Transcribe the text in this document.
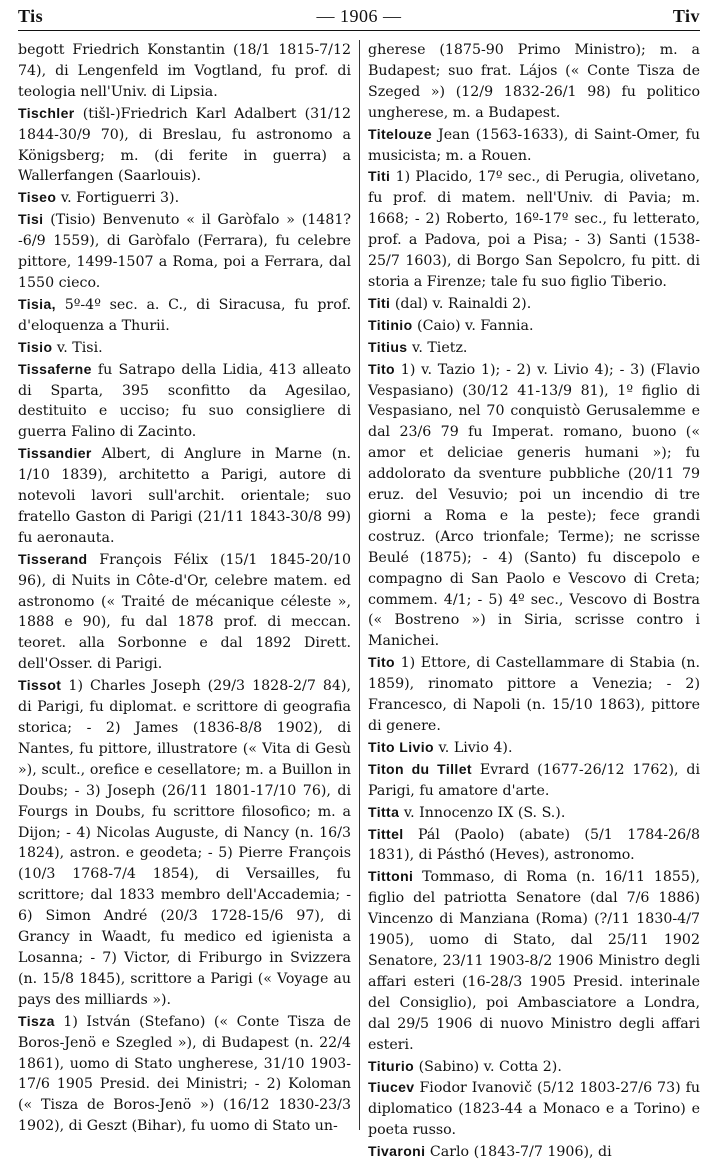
— 1906 —
Tis	Tiv

begott Friedrich Konstantin (18/1 1815-7/12 74), di Lengenfeld im Vogtland, fu prof. di teologia nell'Univ. di Lipsia.

Tischler (tišl-)Friedrich Karl Adalbert (31/12 1844-30/9 70), di Breslau, fu astronomo a Königsberg; m. (di ferite in guerra) a Wallerfangen (Saarlouis).

Tiseo v. Fortiguerri 3).

Tisi (Tisio) Benvenuto « il Garòfalo » (1481?-6/9 1559), di Garòfalo (Ferrara), fu celebre pittore, 1499-1507 a Roma, poi a Ferrara, dal 1550 cieco.

Tisia, 5º-4º sec. a. C., di Siracusa, fu prof. d'eloquenza a Thurii.

Tisio v. Tisi.

Tissaferne fu Satrapo della Lidia, 413 alleato di Sparta, 395 sconfitto da Agesilao, destituito e ucciso; fu suo consigliere di guerra Falino di Zacinto.

Tissandier Albert, di Anglure in Marne (n. 1/10 1839), architetto a Parigi, autore di notevoli lavori sull'archit. orientale; suo fratello Gaston di Parigi (21/11 1843-30/8 99) fu aeronauta.

Tisserand François Félix (15/1 1845-20/10 96), di Nuits in Côte-d'Or, celebre matem. ed astronomo (« Traité de mécanique céleste », 1888 e 90), fu dal 1878 prof. di meccan. teoret. alla Sorbonne e dal 1892 Dirett. dell'Osser. di Parigi.

Tissot 1) Charles Joseph (29/3 1828-2/7 84), di Parigi, fu diplomat. e scrittore di geografia storica; - 2) James (1836-8/8 1902), di Nantes, fu pittore, illustratore (« Vita di Gesù »), scult., orefice e cesellatore; m. a Buillon in Doubs; - 3) Joseph (26/11 1801-17/10 76), di Fourgs in Doubs, fu scrittore filosofico; m. a Dijon; - 4) Nicolas Auguste, di Nancy (n. 16/3 1824), astron. e geodeta; - 5) Pierre François (10/3 1768-7/4 1854), di Versailles, fu scrittore; dal 1833 membro dell'Accademia; - 6) Simon André (20/3 1728-15/6 97), di Grancy in Waadt, fu medico ed igienista a Losanna; - 7) Victor, di Friburgo in Svizzera (n. 15/8 1845), scrittore a Parigi (« Voyage au pays des milliards »).

Tisza 1) István (Stefano) (« Conte Tisza de Boros-Jenö e Szegled »), di Budapest (n. 22/4 1861), uomo di Stato ungherese, 31/10 1903-17/6 1905 Presid. dei Ministri; - 2) Koloman (« Tisza de Boros-Jenö ») (16/12 1830-23/3 1902), di Geszt (Bihar), fu uomo di Stato un-

gherese (1875-90 Primo Ministro); m. a Budapest; suo frat. Lájos (« Conte Tisza de Szeged ») (12/9 1832-26/1 98) fu politico ungherese, m. a Budapest.

Titelouze Jean (1563-1633), di Saint-Omer, fu musicista; m. a Rouen.

Titi 1) Placido, 17º sec., di Perugia, olivetano, fu prof. di matem. nell'Univ. di Pavia; m. 1668; - 2) Roberto, 16º-17º sec., fu letterato, prof. a Padova, poi a Pisa; - 3) Santi (1538-25/7 1603), di Borgo San Sepolcro, fu pitt. di storia a Firenze; tale fu suo figlio Tiberio.

Titi (dal) v. Rainaldi 2).

Titinio (Caio) v. Fannia.

Titius v. Tietz.

Tito 1) v. Tazio 1); - 2) v. Livio 4); - 3) (Flavio Vespasiano) (30/12 41-13/9 81), 1º figlio di Vespasiano, nel 70 conquistò Gerusalemme e dal 23/6 79 fu Imperat. romano, buono (« amor et deliciae generis humani »); fu addolorato da sventure pubbliche (20/11 79 eruz. del Vesuvio; poi un incendio di tre giorni a Roma e la peste); fece grandi costruz. (Arco trionfale; Terme); ne scrisse Beulé (1875); - 4) (Santo) fu discepolo e compagno di San Paolo e Vescovo di Creta; commem. 4/1; - 5) 4º sec., Vescovo di Bostra (« Bostreno ») in Siria, scrisse contro i Manichei.

Tito 1) Ettore, di Castellammare di Stabia (n. 1859), rinomato pittore a Venezia; - 2) Francesco, di Napoli (n. 15/10 1863), pittore di genere.

Tito Livio v. Livio 4).

Titon du Tillet Evrard (1677-26/12 1762), di Parigi, fu amatore d'arte.

Titta v. Innocenzo IX (S. S.).

Tittel Pál (Paolo) (abate) (5/1 1784-26/8 1831), di Pásthó (Heves), astronomo.

Tittoni Tommaso, di Roma (n. 16/11 1855), figlio del patriotta Senatore (dal 7/6 1886) Vincenzo di Manziana (Roma) (?/11 1830-4/7 1905), uomo di Stato, dal 25/11 1902 Senatore, 23/11 1903-8/2 1906 Ministro degli affari esteri (16-28/3 1905 Presid. interinale del Consiglio), poi Ambasciatore a Londra, dal 29/5 1906 di nuovo Ministro degli affari esteri.

Titurio (Sabino) v. Cotta 2).

Tiucev Fiodor Ivanovič (5/12 1803-27/6 73) fu diplomatico (1823-44 a Monaco e a Torino) e poeta russo.

Tivaroni Carlo (1843-7/7 1906), di
